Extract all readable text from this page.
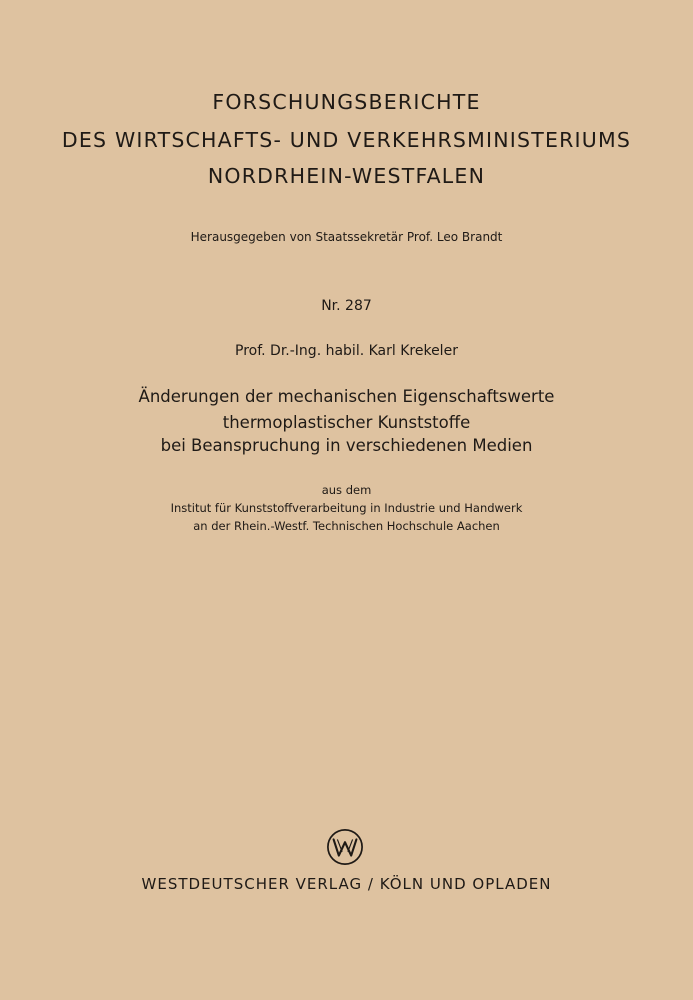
FORSCHUNGSBERICHTE
DES WIRTSCHAFTS- UND VERKEHRSMINISTERIUMS
NORDRHEIN-WESTFALEN
Herausgegeben von Staatssekretär Prof. Leo Brandt
Nr. 287
Prof. Dr.-Ing. habil. Karl Krekeler
Änderungen der mechanischen Eigenschaftswerte
thermoplastischer Kunststoffe
bei Beanspruchung in verschiedenen Medien
aus dem
Institut für Kunststoffverarbeitung in Industrie und Handwerk
an der Rhein.-Westf. Technischen Hochschule Aachen
WESTDEUTSCHER VERLAG / KÖLN UND OPLADEN
